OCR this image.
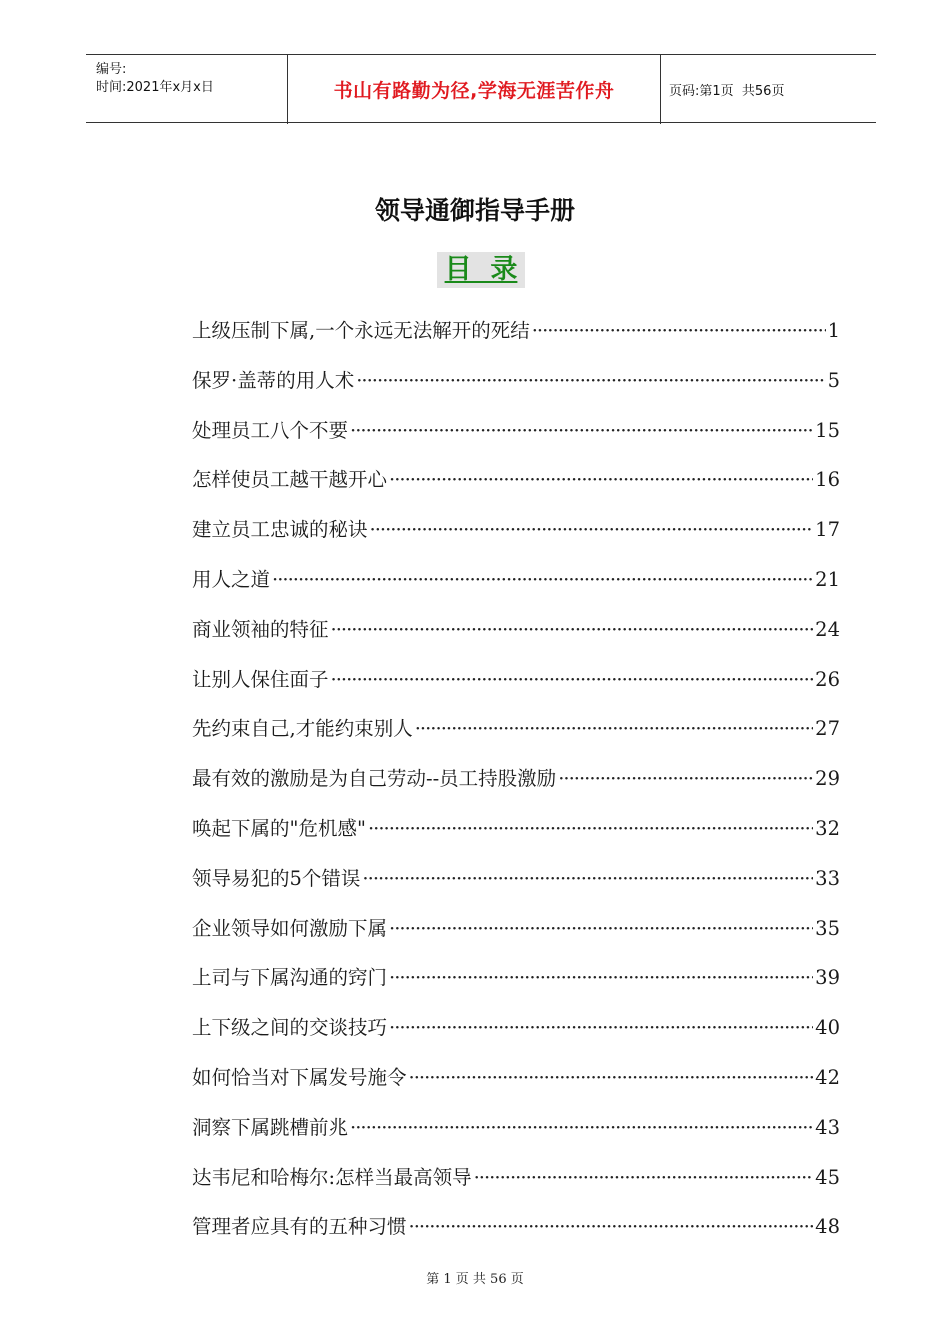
编号:
时间:2021年x月x日	书山有路勤为径,学海无涯苦作舟	页码:第1页  共56页
领导通御指导手册
目  录
上级压制下属,一个永远无法解开的死结 ·····	1
保罗·盖蒂的用人术 ·····	5
处理员工八个不要 ·····	15
怎样使员工越干越开心 ·····	16
建立员工忠诚的秘诀 ·····	17
用人之道 ·····	21
商业领袖的特征 ·····	24
让别人保住面子 ·····	26
先约束自己,才能约束别人 ·····	27
最有效的激励是为自己劳动--员工持股激励 ·····	29
唤起下属的"危机感" ·····	32
领导易犯的5个错误 ·····	33
企业领导如何激励下属 ·····	35
上司与下属沟通的窍门 ·····	39
上下级之间的交谈技巧 ·····	40
如何恰当对下属发号施令 ·····	42
洞察下属跳槽前兆 ·····	43
达韦尼和哈梅尔:怎样当最高领导 ·····	45
管理者应具有的五种习惯 ·····	48
第 1 页 共 56 页
